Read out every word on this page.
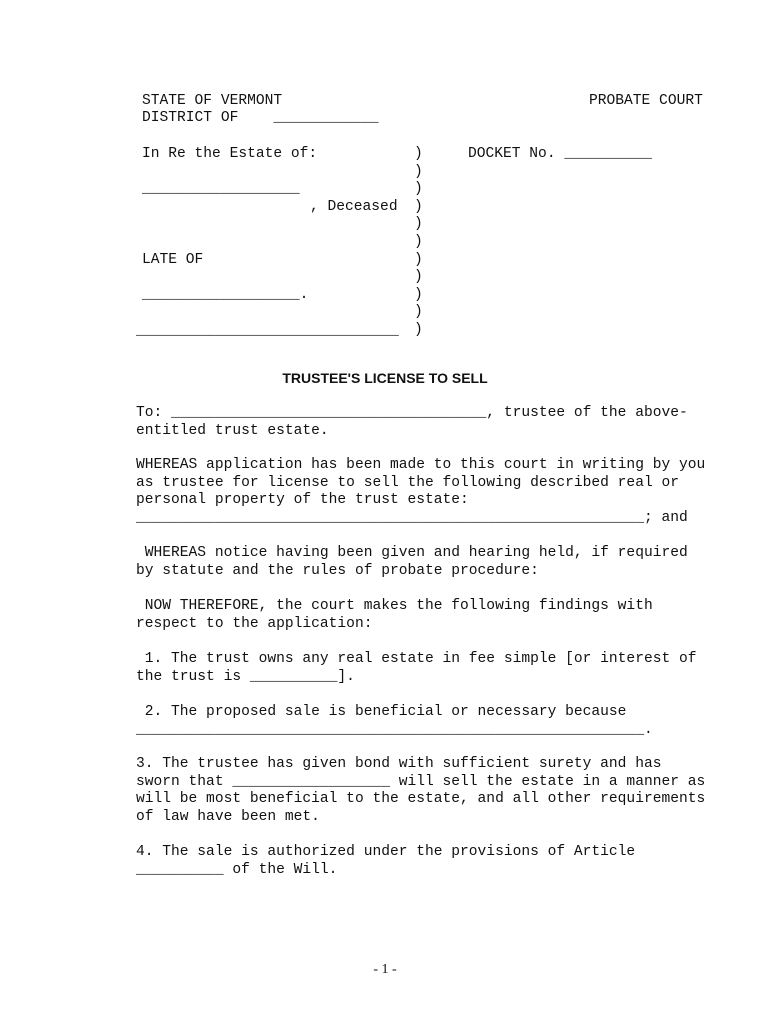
STATE OF VERMONT	PROBATE COURT
DISTRICT OF    ____________
In Re the Estate of:	DOCKET No. __________
)
)
)
)
)
)
)
)
)
)
)
__________________
, Deceased
LATE OF
__________________.
______________________________
TRUSTEE'S LICENSE TO SELL
To: ____________________________________, trustee of the above-
entitled trust estate.
WHEREAS application has been made to this court in writing by you
as trustee for license to sell the following described real or
personal property of the trust estate:
__________________________________________________________; and
WHEREAS notice having been given and hearing held, if required
by statute and the rules of probate procedure:
NOW THEREFORE, the court makes the following findings with
respect to the application:
1. The trust owns any real estate in fee simple [or interest of
the trust is __________].
2. The proposed sale is beneficial or necessary because
__________________________________________________________.
3. The trustee has given bond with sufficient surety and has
sworn that __________________ will sell the estate in a manner as
will be most beneficial to the estate, and all other requirements
of law have been met.
4. The sale is authorized under the provisions of Article
__________ of the Will.
- 1 -
